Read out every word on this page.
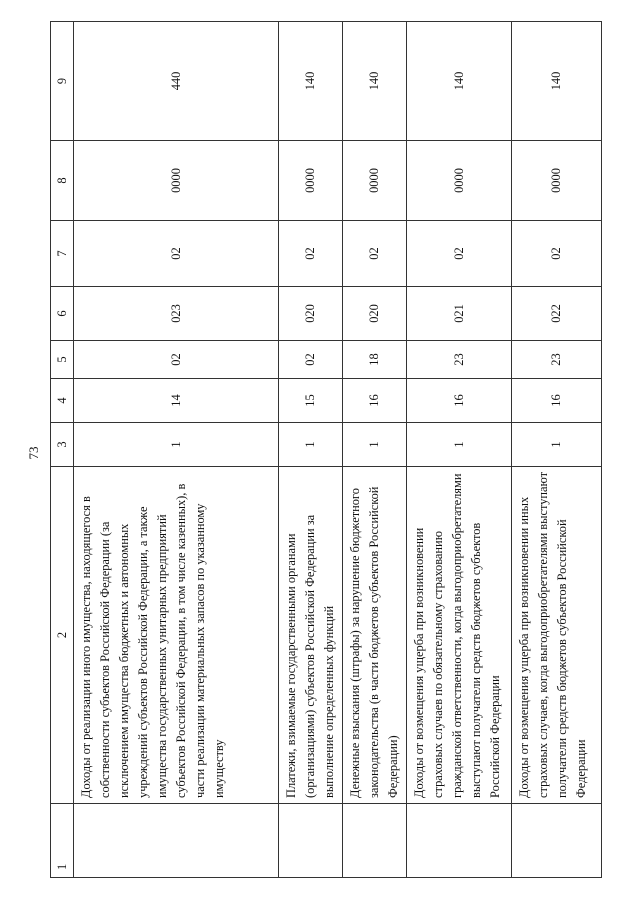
73
1	2	3	4	5	6	7	8	9
	Доходы от реализации иного имущества, находящегося в собственности субъектов Российской Федерации (за исключением имущества бюджетных и автономных учреждений субъектов Российской Федерации, а также имущества государственных унитарных предприятий субъектов Российской Федерации, в том числе казенных), в части реализации материальных запасов по указанному имуществу	1	14	02	023	02	0000	440
	Платежи, взимаемые государственными органами (организациями) субъектов Российской Федерации за выполнение определенных функций	1	15	02	020	02	0000	140
	Денежные взыскания (штрафы) за нарушение бюджетного законодательства (в части бюджетов субъектов Российской Федерации)	1	16	18	020	02	0000	140
	Доходы от возмещения ущерба при возникновении страховых случаев по обязательному страхованию гражданской ответственности, когда выгодоприобретателями выступают получатели средств бюджетов субъектов Российской Федерации	1	16	23	021	02	0000	140
	Доходы от возмещения ущерба при возникновении иных страховых случаев, когда выгодоприобретателями выступают получатели средств бюджетов субъектов Российской Федерации	1	16	23	022	02	0000	140
